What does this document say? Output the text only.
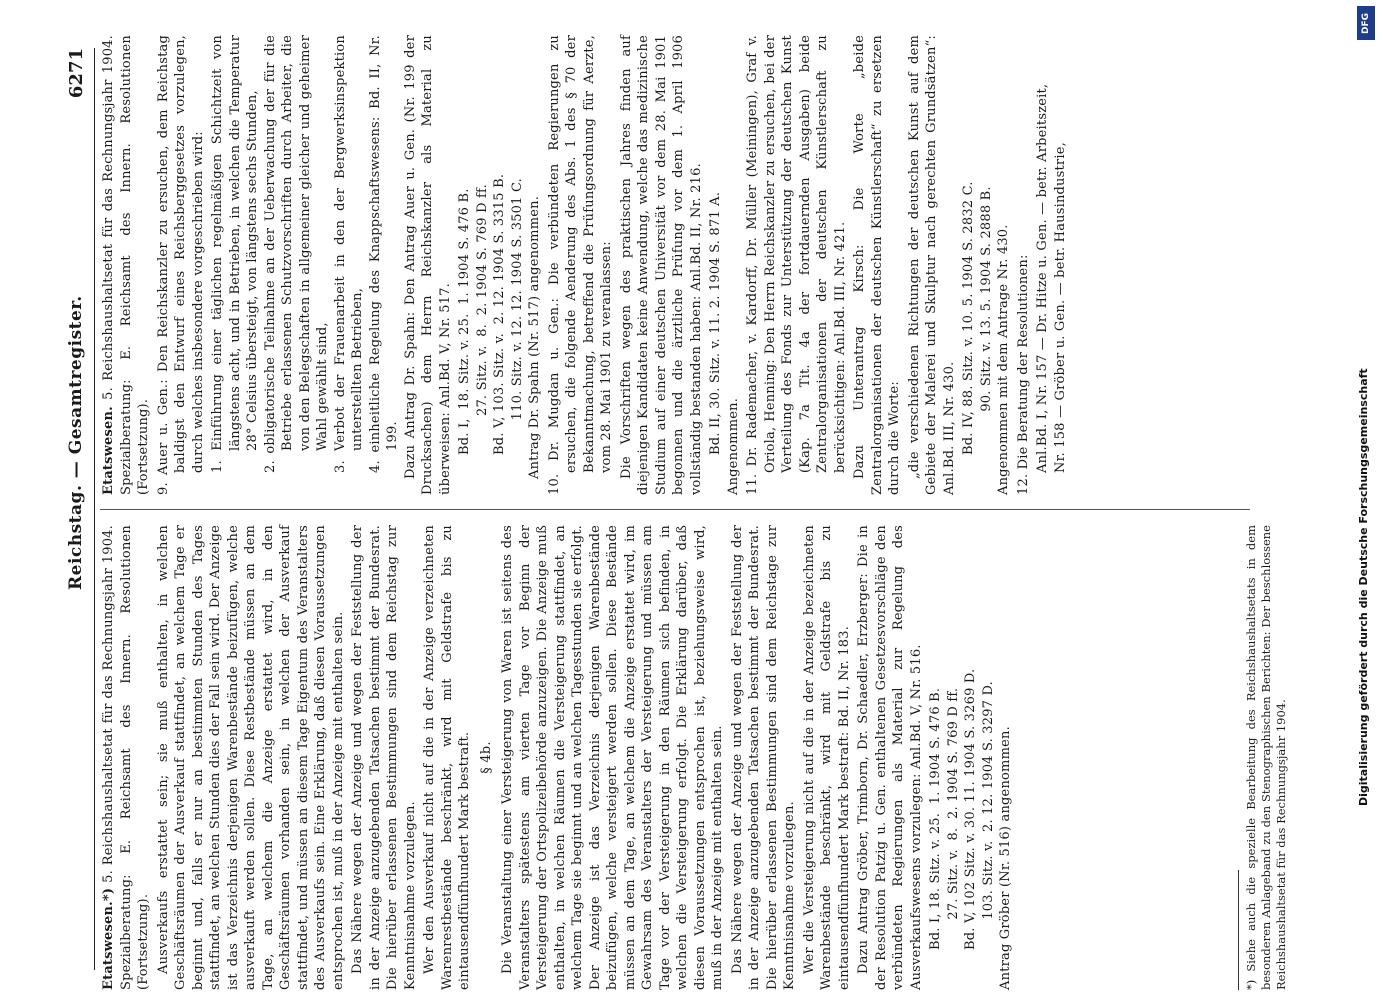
Reichstag. — Gesamtregister.
6271

Etatswesen.*) 5. Reichshaushaltsetat für das Rechnungsjahr 1904. Spezialberatung: E. Reichsamt des Innern. Resolutionen (Fortsetzung). Ausverkaufs erstattet sein; sie muß enthalten, in welchen Geschäftsräumen der Ausverkauf stattfindet, an welchem Tage er beginnt und, falls er nur an bestimmten Stunden des Tages stattfindet, an welchen Stunden dies der Fall sein wird. Der Anzeige ist das Verzeichnis derjenigen Warenbestände beizufügen, welche ausverkauft werden sollen. Diese Restbestände müssen an dem Tage, an welchem die Anzeige erstattet wird, in den Geschäftsräumen vorhanden sein, in welchen der Ausverkauf stattfindet, und müssen an diesem Tage Eigentum des Veranstalters des Ausverkaufs sein. Eine Erklärung, daß diesen Voraussetzungen entsprochen ist, muß in der Anzeige mit enthalten sein. Das Nähere wegen der Anzeige und wegen der Feststellung der in der Anzeige anzugebenden Tatsachen bestimmt der Bundesrat. Die hierüber erlassenen Bestimmungen sind dem Reichstag zur Kenntnisnahme vorzulegen. Wer den Ausverkauf nicht auf die in der Anzeige verzeichneten Warenrestbestände beschränkt, wird mit Geldstrafe bis zu eintausendfünfhundert Mark bestraft. § 4b. Die Veranstaltung einer Versteigerung von Waren ist seitens des Veranstalters spätestens am vierten Tage vor Beginn der Versteigerung der Ortspolizeibehörde anzuzeigen. Die Anzeige muß enthalten, in welchen Räumen die Versteigerung stattfindet, an welchem Tage sie beginnt und an welchen Tagesstunden sie erfolgt. Der Anzeige ist das Verzeichnis derjenigen Warenbestände beizufügen, welche versteigert werden sollen. Diese Bestände müssen an dem Tage, an welchem die Anzeige erstattet wird, im Gewahrsam des Veranstalters der Versteigerung und müssen am Tage vor der Versteigerung in den Räumen sich befinden, in welchen die Versteigerung erfolgt. Die Erklärung darüber, daß diesen Voraussetzungen entsprochen ist, beziehungsweise wird, muß in der Anzeige mit enthalten sein. Das Nähere wegen der Anzeige und wegen der Feststellung der in der Anzeige anzugebenden Tatsachen bestimmt der Bundesrat. Die hierüber erlassenen Bestimmungen sind dem Reichstage zur Kenntnisnahme vorzulegen. Wer die Versteigerung nicht auf die in der Anzeige bezeichneten Warenbestände beschränkt, wird mit Geldstrafe bis zu eintausendfünfhundert Mark bestraft: Bd. II, Nr. 183. Dazu Antrag Gröber, Trimborn, Dr. Schaedler, Erzberger: Die in der Resolution Patzig u. Gen. enthaltenen Gesetzesvorschläge den verbündeten Regierungen als Material zur Regelung des Ausverkaufswesens vorzulegen: Anl.Bd. V, Nr. 516. Bd. I, 18. Sitz. v. 25.  1. 1904 S. 476 B. 27. Sitz. v.  8.  2. 1904 S. 769 D ff. Bd. V, 102 Sitz. v. 30. 11. 1904 S. 3269 D. 103. Sitz. v.  2. 12. 1904 S. 3297 D. Antrag Gröber (Nr. 516) angenommen.

Etatswesen. 5. Reichshaushaltsetat für das Rechnungsjahr 1904. Spezialberatung: E. Reichsamt des Innern. Resolutionen (Fortsetzung). 9. Auer u. Gen.: Den Reichskanzler zu ersuchen, dem Reichstag baldigst den Entwurf eines Reichsberggesetzes vorzulegen, durch welches insbesondere vorgeschrieben wird: 1. Einführung einer täglichen regelmäßigen Schichtzeit von längstens acht, und in Betrieben, in welchen die Temperatur 28° Celsius übersteigt, von längstens sechs Stunden, 2. obligatorische Teilnahme an der Ueberwachung der für die Betriebe erlassenen Schutzvorschriften durch Arbeiter, die von den Belegschaften in allgemeiner gleicher und geheimer Wahl gewählt sind, 3. Verbot der Frauenarbeit in den der Bergwerksinspektion unterstellten Betrieben, 4. einheitliche Regelung des Knappschaftswesens: Bd. II, Nr. 199. Dazu Antrag Dr. Spahn: Den Antrag Auer u. Gen. (Nr. 199 der Drucksachen) dem Herrn Reichskanzler als Material zu überweisen: Anl.Bd. V, Nr. 517. Bd. I,  18. Sitz. v. 25.  1. 1904 S. 476 B. 27. Sitz. v.  8.  2. 1904 S. 769 D ff. Bd. V, 103. Sitz. v.  2. 12. 1904 S. 3315 B. 110. Sitz. v. 12. 12. 1904 S. 3501 C. Antrag Dr. Spahn (Nr. 517) angenommen. 10. Dr. Mugdan u. Gen.: Die verbündeten Regierungen zu ersuchen, die folgende Aenderung des Abs. 1 des § 70 der Bekanntmachung, betreffend die Prüfungsordnung für Aerzte, vom 28. Mai 1901 zu veranlassen: Die Vorschriften wegen des praktischen Jahres finden auf diejenigen Kandidaten keine Anwendung, welche das medizinische Studium auf einer deutschen Universität vor dem 28. Mai 1901 begonnen und die ärztliche Prüfung vor dem 1. April 1906 vollständig bestanden haben: Anl.Bd. II, Nr. 216. Bd. II, 30. Sitz. v. 11. 2. 1904 S. 871 A. Angenommen. 11. Dr. Rademacher, v. Kardorff, Dr. Müller (Meiningen), Graf v. Oriola, Henning: Den Herrn Reichskanzler zu ersuchen, bei der Verteilung des Fonds zur Unterstützung der deutschen Kunst (Kap. 7a Tit. 4a der fortdauernden Ausgaben) beide Zentralorganisationen der deutschen Künstlerschaft zu berücksichtigen: Anl.Bd. III, Nr. 421. Dazu Unterantrag Kirsch: Die Worte „beide Zentralorganisationen der deutschen Künstlerschaft“ zu ersetzen durch die Worte: „die verschiedenen Richtungen der deutschen Kunst auf dem Gebiete der Malerei und Skulptur nach gerechten Grundsätzen“: Anl.Bd. III, Nr. 430. Bd. IV, 88. Sitz. v. 10. 5. 1904 S. 2832 C. 90. Sitz. v. 13. 5. 1904 S. 2888 B. Angenommen mit dem Antrage Nr. 430. 12. Die Beratung der Resolutionen: Anl.Bd. I, Nr. 157 — Dr. Hitze u. Gen. — betr. Arbeitszeit, Nr. 158 — Gröber u. Gen. — betr. Hausindustrie,

*) Siehe auch die spezielle Bearbeitung des Reichshaushaltsetats in dem besonderen Anlageband zu den Stenographischen Berichten: Der beschlossene Reichshaushaltsetat für das Rechnungsjahr 1904.
DFG
Digitalisierung gefördert durch die Deutsche Forschungsgemeinschaft
